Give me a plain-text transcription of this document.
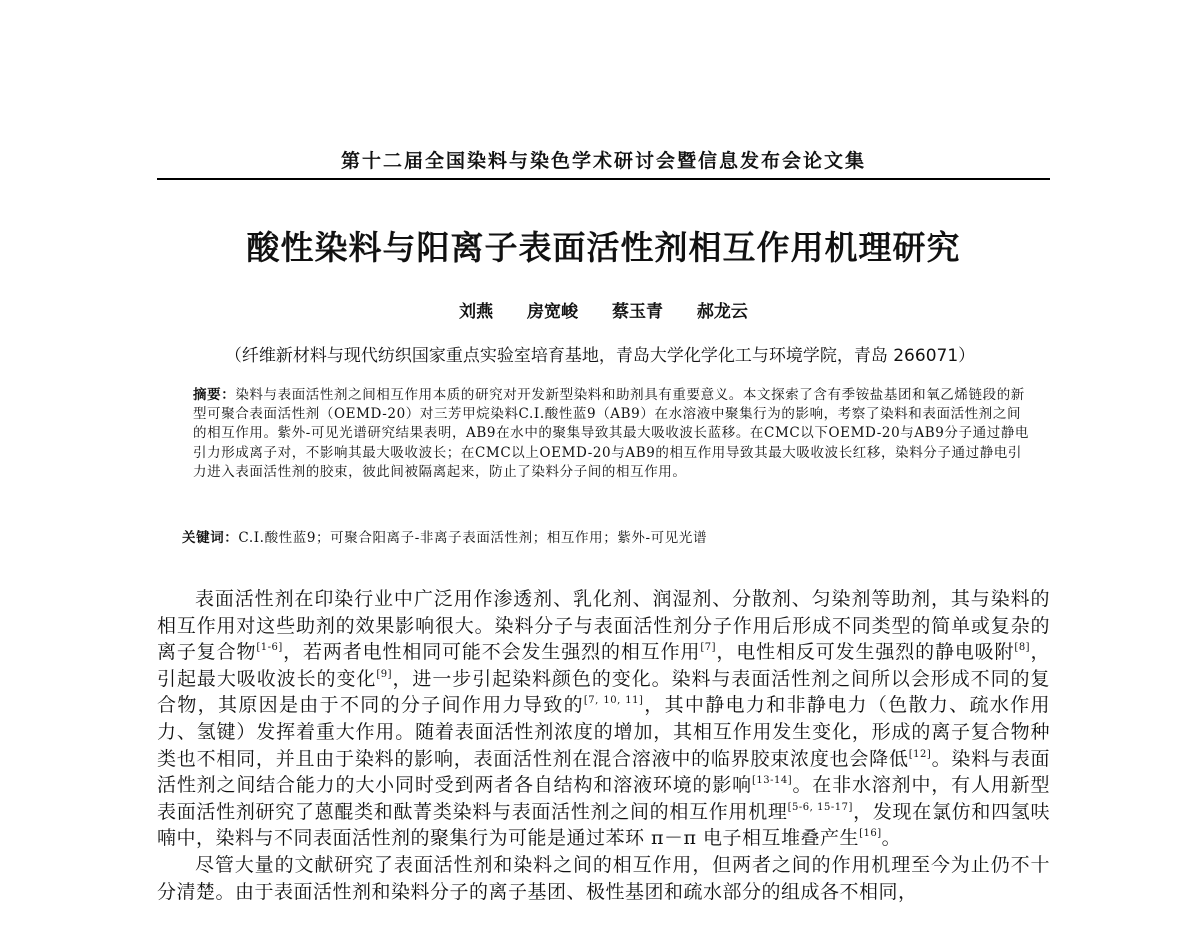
第十二届全国染料与染色学术研讨会暨信息发布会论文集
酸性染料与阳离子表面活性剂相互作用机理研究
刘燕 房宽峻 蔡玉青 郝龙云
（纤维新材料与现代纺织国家重点实验室培育基地，青岛大学化学化工与环境学院，青岛 266071）
摘要：染料与表面活性剂之间相互作用本质的研究对开发新型染料和助剂具有重要意义。本文探索了含有季铵盐基团和氧乙烯链段的新型可聚合表面活性剂（OEMD-20）对三芳甲烷染料C.I.酸性蓝9（AB9）在水溶液中聚集行为的影响，考察了染料和表面活性剂之间的相互作用。紫外-可见光谱研究结果表明，AB9在水中的聚集导致其最大吸收波长蓝移。在CMC以下OEMD-20与AB9分子通过静电引力形成离子对，不影响其最大吸收波长；在CMC以上OEMD-20与AB9的相互作用导致其最大吸收波长红移，染料分子通过静电引力进入表面活性剂的胶束，彼此间被隔离起来，防止了染料分子间的相互作用。
关键词：C.I.酸性蓝9；可聚合阳离子-非离子表面活性剂；相互作用；紫外-可见光谱

表面活性剂在印染行业中广泛用作渗透剂、乳化剂、润湿剂、分散剂、匀染剂等助剂，其与染料的相互作用对这些助剂的效果影响很大。染料分子与表面活性剂分子作用后形成不同类型的简单或复杂的离子复合物[1-6]，若两者电性相同可能不会发生强烈的相互作用[7]，电性相反可发生强烈的静电吸附[8]，引起最大吸收波长的变化[9]，进一步引起染料颜色的变化。染料与表面活性剂之间所以会形成不同的复合物，其原因是由于不同的分子间作用力导致的[7, 10, 11]，其中静电力和非静电力（色散力、疏水作用力、氢键）发挥着重大作用。随着表面活性剂浓度的增加，其相互作用发生变化，形成的离子复合物种类也不相同，并且由于染料的影响，表面活性剂在混合溶液中的临界胶束浓度也会降低[12]。染料与表面活性剂之间结合能力的大小同时受到两者各自结构和溶液环境的影响[13-14]。在非水溶剂中，有人用新型表面活性剂研究了蒽醌类和酞菁类染料与表面活性剂之间的相互作用机理[5-6, 15-17]，发现在氯仿和四氢呋喃中，染料与不同表面活性剂的聚集行为可能是通过苯环 π－π 电子相互堆叠产生[16]。

尽管大量的文献研究了表面活性剂和染料之间的相互作用，但两者之间的作用机理至今为止仍不十分清楚。由于表面活性剂和染料分子的离子基团、极性基团和疏水部分的组成各不相同，
